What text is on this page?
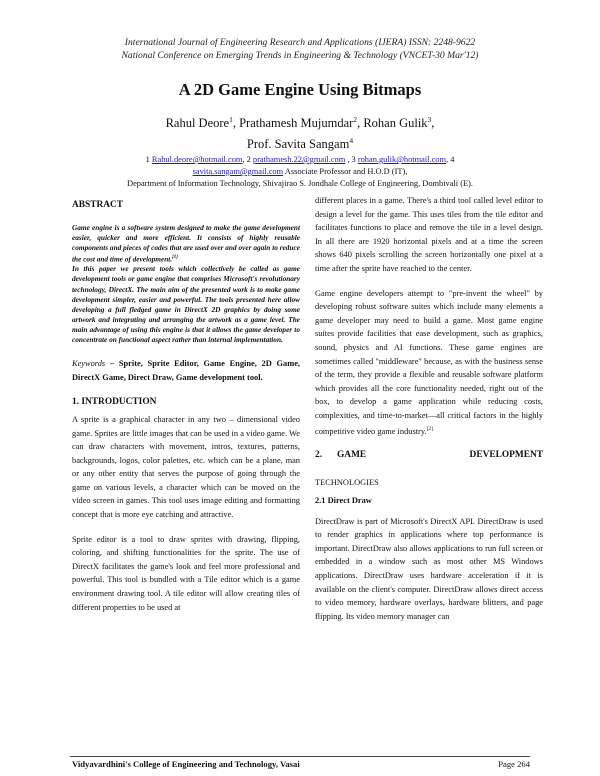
International Journal of Engineering Research and Applications (IJERA) ISSN: 2248-9622
National Conference on Emerging Trends in Engineering & Technology (VNCET-30 Mar'12)
A 2D Game Engine Using Bitmaps
Rahul Deore$^1$, Prathamesh Mujumdar$^2$, Rohan Gulik$^3$,
Prof. Savita Sangam$^4$
1 Rahul.deore@hotmail.com, 2 prathamesh.22@gmail.com , 3 rohan.gulik@hotmail.com, 4
savita.sangam@gmail.com Associate Professor and H.O.D (IT),
Department of Information Technology, Shivajirao S. Jondhale College of Engineering, Dombivali (E).
ABSTRACT

Game engine is a software system designed to make the game development easier, quicker and more efficient. It consists of highly reusable components and pieces of codes that are used over and over again to reduce the cost and time of development.[1]

In this paper we present tools which collectively be called as game development tools or game engine that comprises Microsoft's revolutionary technology, DirectX. The main aim of the presented work is to make game development simpler, easier and powerful. The tools presented here allow developing a full fledged game in DirectX 2D graphics by doing some artwork and integrating and arranging the artwork as a game level. The main advantage of using this engine is that it allows the game developer to concentrate on functional aspect rather than internal implementation.

Keywords – Sprite, Sprite Editor, Game Engine, 2D Game, DirectX Game, Direct Draw, Game development tool.

1. INTRODUCTION

A sprite is a graphical character in any two – dimensional video game. Sprites are little images that can be used in a video game. We can draw characters with movement, intros, textures, patterns, backgrounds, logos, color palettes, etc. which can be a plane, man or any other entity that serves the purpose of going through the game on various levels, a character which can be moved on the video screen in games. This tool uses image editing and formatting concept that is more eye catching and attractive.

Sprite editor is a tool to draw sprites with drawing, flipping, coloring, and shifting functionalities for the sprite. The use of DirectX facilitates the game's look and feel more professional and powerful. This tool is bundled with a Tile editor which is a game environment drawing tool. A tile editor will allow creating tiles of different properties to be used at

different places in a game. There's a third tool called level editor to design a level for the game. This uses tiles from the tile editor and facilitates functions to place and remove the tile in a level design. In all there are 1920 horizontal pixels and at a time the screen shows 640 pixels scrolling the screen horizontally one pixel at a time after the sprite have reached to the center.

Game engine developers attempt to "pre-invent the wheel" by developing robust software suites which include many elements a game developer may need to build a game. Most game engine suites provide facilities that ease development, such as graphics, sound, physics and AI functions. These game engines are sometimes called "middleware" because, as with the business sense of the term, they provide a flexible and reusable software platform which provides all the core functionality needed, right out of the box, to develop a game application while reducing costs, complexities, and time-to-market—all critical factors in the highly competitive video game industry.[2]

2.	GAME DEVELOPMENT
TECHNOLOGIES
2.1 Direct Draw

DirectDraw is part of Microsoft's DirectX API. DirectDraw is used to render graphics in applications where top performance is important. DirectDraw also allows applications to run full screen or embedded in a window such as most other MS Windows applications. DirectDraw uses hardware acceleration if it is available on the client's computer. DirectDraw allows direct access to video memory, hardware overlays, hardware blitters, and page flipping. Its video memory manager can

Vidyavardhini's College of Engineering and Technology, Vasai	Page 264
